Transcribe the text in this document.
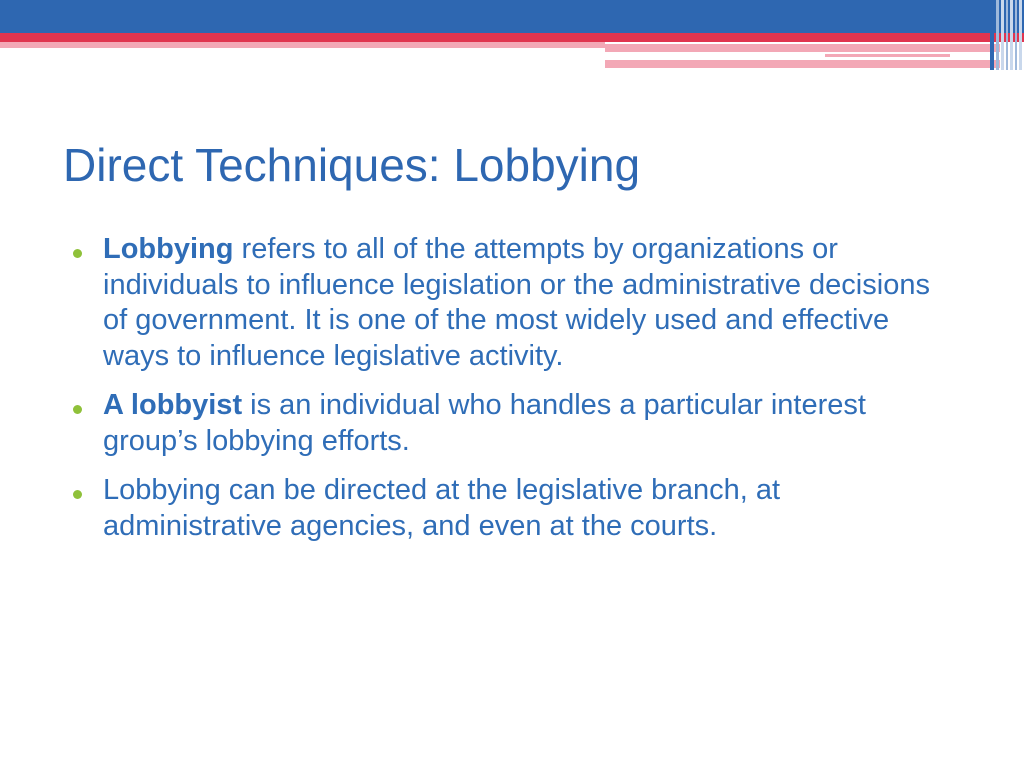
Direct Techniques: Lobbying
Lobbying refers to all of the attempts by organizations or individuals to influence legislation or the administrative decisions of government. It is one of the most widely used and effective ways to influence legislative activity.
A lobbyist is an individual who handles a particular interest group’s lobbying efforts.
Lobbying can be directed at the legislative branch, at administrative agencies, and even at the courts.
